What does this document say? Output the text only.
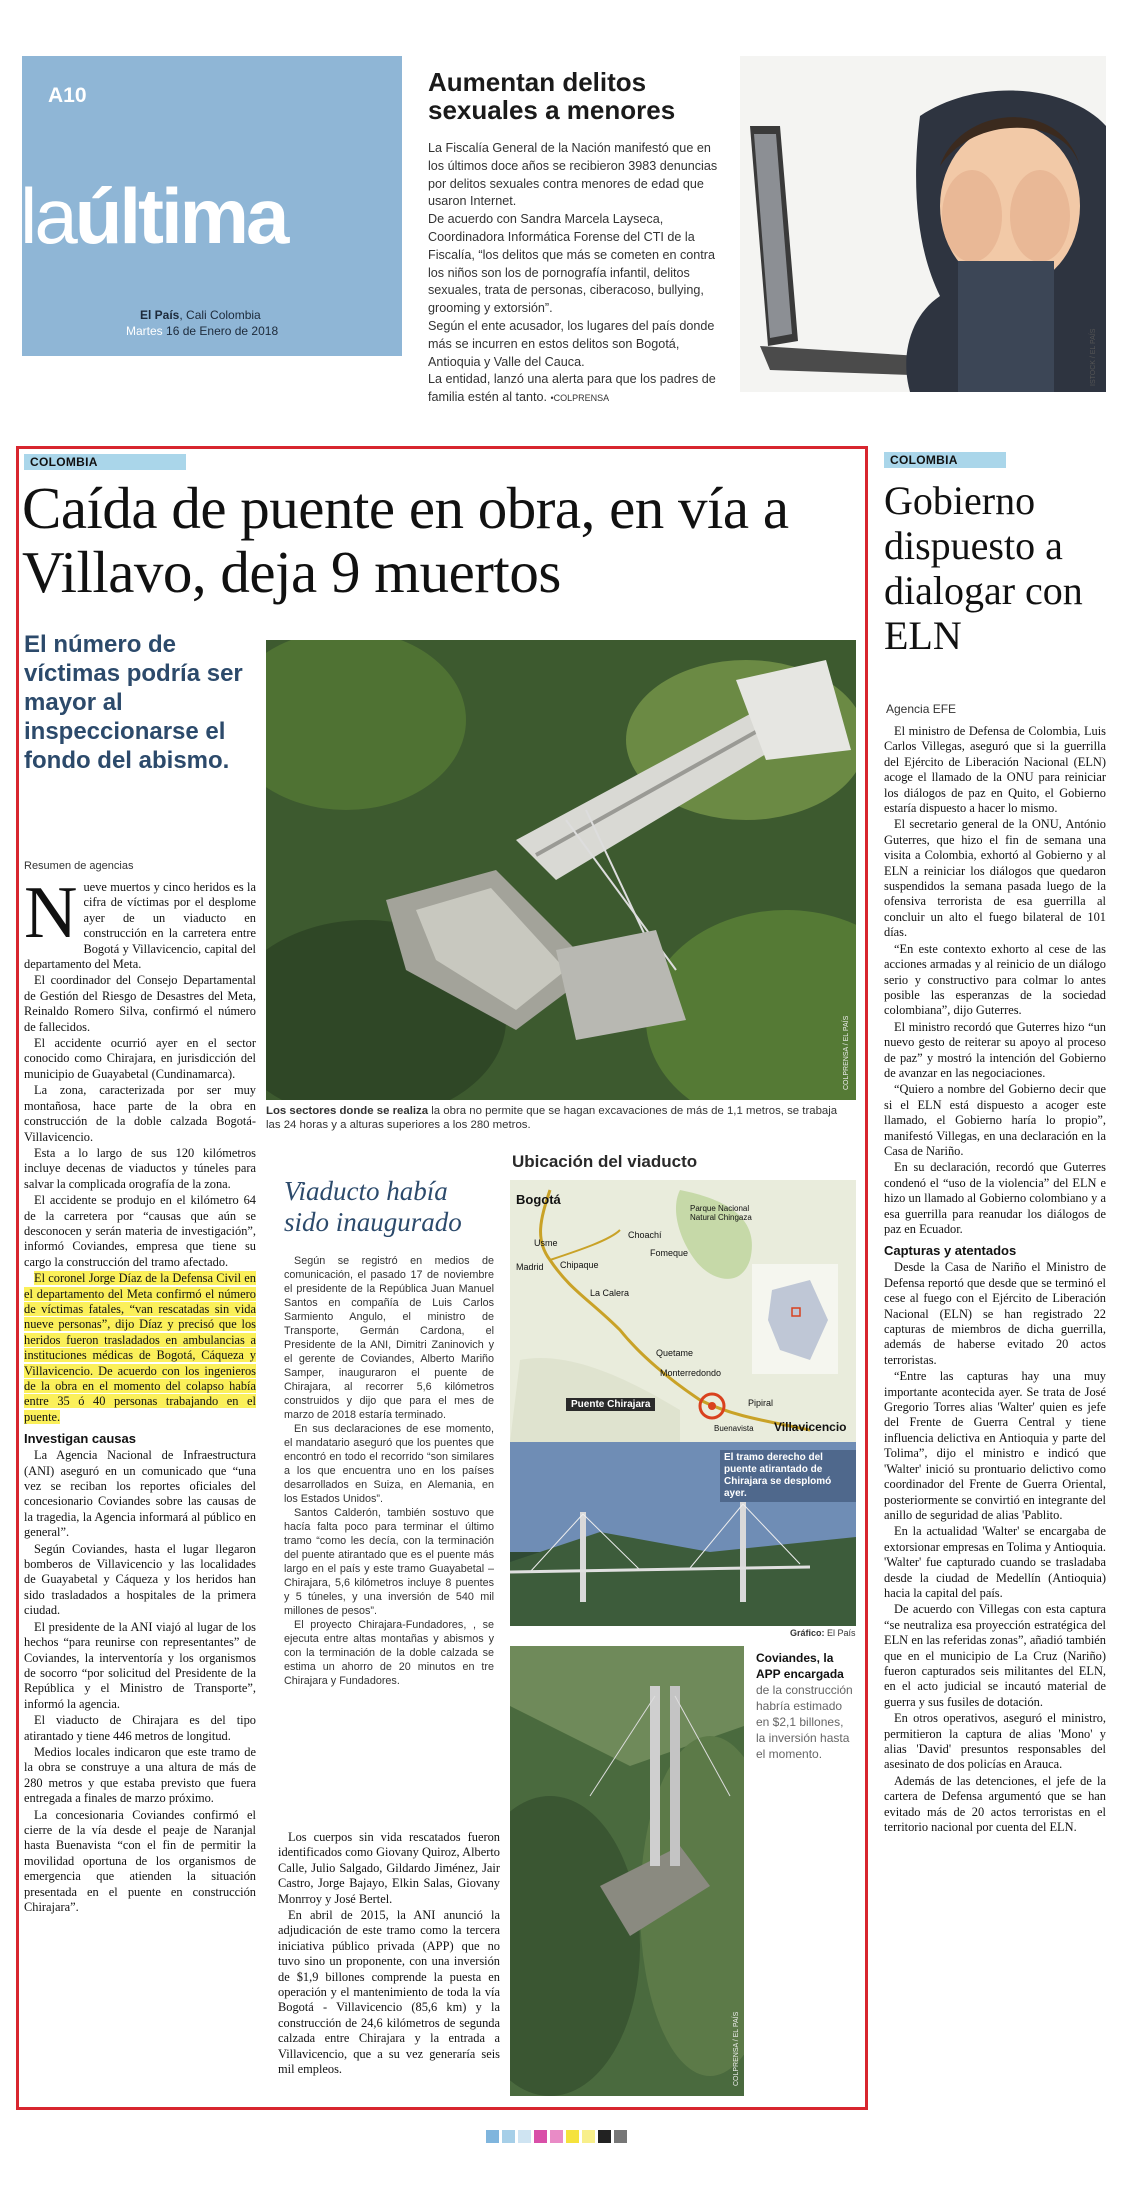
A10
laúltima
El País, Cali Colombia
Martes 16 de Enero de 2018
Aumentan delitos sexuales a menores

La Fiscalía General de la Nación manifestó que en los últimos doce años se recibieron 3983 denuncias por delitos sexuales contra menores de edad que usaron Internet.

De acuerdo con Sandra Marcela Layseca, Coordinadora Informática Forense del CTI de la Fiscalía, “los delitos que más se cometen en contra los niños son los de pornografía infantil, delitos sexuales, trata de personas, ciberacoso, bullying, grooming y extorsión”.

Según el ente acusador, los lugares del país donde más se incurren en estos delitos son Bogotá, Antioquia y Valle del Cauca.

La entidad, lanzó una alerta para que los padres de familia estén al tanto. •COLPRENSA

ISTOCK / EL PAÍS
COLOMBIA
Caída de puente en obra, en vía a Villavo, deja 9 muertos
El número de víctimas podría ser mayor al inspeccionarse el fondo del abismo.
COLPRENSA / EL PAÍS
Los sectores donde se realiza la obra no permite que se hagan excavaciones de más de 1,1 metros, se trabaja las 24 horas y a alturas superiores a los 280 metros.
Resumen de agencias
N ueve muertos y cinco heridos es la cifra de víctimas por el desplome ayer de un viaducto en construcción en la carretera entre Bogotá y Villavicencio, capital del departamento del Meta.

El coordinador del Consejo Departamental de Gestión del Riesgo de Desastres del Meta, Reinaldo Romero Silva, confirmó el número de fallecidos.

El accidente ocurrió ayer en el sector conocido como Chirajara, en jurisdicción del municipio de Guayabetal (Cundinamarca).

La zona, caracterizada por ser muy montañosa, hace parte de la obra en construcción de la doble calzada Bogotá-Villavicencio.

Esta a lo largo de sus 120 kilómetros incluye decenas de viaductos y túneles para salvar la complicada orografía de la zona.

El accidente se produjo en el kilómetro 64 de la carretera por “causas que aún se desconocen y serán materia de investigación”, informó Coviandes, empresa que tiene su cargo la construcción del tramo afectado.

El coronel Jorge Díaz de la Defensa Civil en el departamento del Meta confirmó el número de víctimas fatales, “van rescatadas sin vida nueve personas”, dijo Díaz y precisó que los heridos fueron trasladados en ambulancias a instituciones médicas de Bogotá, Cáqueza y Villavicencio. De acuerdo con los ingenieros de la obra en el momento del colapso había entre 35 ó 40 personas trabajando en el puente.

Investigan causas

La Agencia Nacional de Infraestructura (ANI) aseguró en un comunicado que “una vez se reciban los reportes oficiales del concesionario Coviandes sobre las causas de la tragedia, la Agencia informará al público en general”.

Según Coviandes, hasta el lugar llegaron bomberos de Villavicencio y las localidades de Guayabetal y Cáqueza y los heridos han sido trasladados a hospitales de la primera ciudad.

El presidente de la ANI viajó al lugar de los hechos “para reunirse con representantes” de Coviandes, la interventoría y los organismos de socorro “por solicitud del Presidente de la República y el Ministro de Transporte”, informó la agencia.

El viaducto de Chirajara es del tipo atirantado y tiene 446 metros de longitud.

Medios locales indicaron que este tramo de la obra se construye a una altura de más de 280 metros y que estaba previsto que fuera entregada a finales de marzo próximo.

La concesionaria Coviandes confirmó el cierre de la vía desde el peaje de Naranjal hasta Buenavista “con el fin de permitir la movilidad oportuna de los organismos de emergencia que atienden la situación presentada en el puente en construcción Chirajara”.

Viaducto había sido inaugurado

Según se registró en medios de comunicación, el pasado 17 de noviembre el presidente de la República Juan Manuel Santos en compañía de Luis Carlos Sarmiento Angulo, el ministro de Transporte, Germán Cardona, el Presidente de la ANI, Dimitri Zaninovich y el gerente de Coviandes, Alberto Mariño Samper, inauguraron el puente de Chirajara, al recorrer 5,6 kilómetros construidos y dijo que para el mes de marzo de 2018 estaría terminado.

En sus declaraciones de ese momento, el mandatario aseguró que los puentes que encontró en todo el recorrido “son similares a los que encuentra uno en los países desarrollados en Suiza, en Alemania, en los Estados Unidos”.

Santos Calderón, también sostuvo que hacía falta poco para terminar el último tramo “como les decía, con la terminación del puente atirantado que es el puente más largo en el país y este tramo Guayabetal –Chirajara, 5,6 kilómetros incluye 8 puentes y 5 túneles, y una inversión de 540 mil millones de pesos”.

El proyecto Chirajara-Fundadores, , se ejecuta entre altas montañas y abismos y con la terminación de la doble calzada se estima un ahorro de 20 minutos en tre Chirajara y Fundadores.

Los cuerpos sin vida rescatados fueron identificados como Giovany Quiroz, Alberto Calle, Julio Salgado, Gildardo Jiménez, Jair Castro, Jorge Bajayo, Elkin Salas, Giovany Monrroy y José Bertel.

En abril de 2015, la ANI anunció la adjudicación de este tramo como la tercera iniciativa público privada (APP) que no tuvo sino un proponente, con una inversión de $1,9 billones comprende la puesta en operación y el mantenimiento de toda la vía Bogotá - Villavicencio (85,6 km) y la construcción de 24,6 kilómetros de segunda calzada entre Chirajara y la entrada a Villavicencio, que a su vez generaría seis mil empleos.

Ubicación del viaducto
Bogotá
Parque Nacional Natural Chingaza
Usme
Choachí
Fomeque
Madrid Chipaque
La Calera
Quetame
Monterredondo
Puente Chirajara	Pipiral
Buenavista Villavicencio
El tramo derecho del puente atirantado de Chirajara se desplomó ayer.
Gráfico: El País
COLPRENSA / EL PAÍS
Coviandes, la APP encargada de la construcción habría estimado en $2,1 billones, la inversión hasta el momento.
COLOMBIA
Gobierno dispuesto a dialogar con ELN
Agencia EFE

El ministro de Defensa de Colombia, Luis Carlos Villegas, aseguró que si la guerrilla del Ejército de Liberación Nacional (ELN) acoge el llamado de la ONU para reiniciar los diálogos de paz en Quito, el Gobierno estaría dispuesto a hacer lo mismo.

El secretario general de la ONU, António Guterres, que hizo el fin de semana una visita a Colombia, exhortó al Gobierno y al ELN a reiniciar los diálogos que quedaron suspendidos la semana pasada luego de la ofensiva terrorista de esa guerrilla al concluir un alto el fuego bilateral de 101 días.

“En este contexto exhorto al cese de las acciones armadas y al reinicio de un diálogo serio y constructivo para colmar lo antes posible las esperanzas de la sociedad colombiana”, dijo Guterres.

El ministro recordó que Guterres hizo “un nuevo gesto de reiterar su apoyo al proceso de paz” y mostró la intención del Gobierno de avanzar en las negociaciones.

“Quiero a nombre del Gobierno decir que si el ELN está dispuesto a acoger este llamado, el Gobierno haría lo propio”, manifestó Villegas, en una declaración en la Casa de Nariño.

En su declaración, recordó que Guterres condenó el “uso de la violencia” del ELN e hizo un llamado al Gobierno colombiano y a esa guerrilla para reanudar los diálogos de paz en Ecuador.

Capturas y atentados

Desde la Casa de Nariño el Ministro de Defensa reportó que desde que se terminó el cese al fuego con el Ejército de Liberación Nacional (ELN) se han registrado 22 capturas de miembros de dicha guerrilla, además de haberse evitado 20 actos terroristas.

“Entre las capturas hay una muy importante acontecida ayer. Se trata de José Gregorio Torres alias 'Walter' quien es jefe del Frente de Guerra Central y tiene influencia delictiva en Antioquia y parte del Tolima”, dijo el ministro e indicó que 'Walter' inició su prontuario delictivo como coordinador del Frente de Guerra Oriental, posteriormente se convirtió en integrante del anillo de seguridad de alias 'Pablito.

En la actualidad 'Walter' se encargaba de extorsionar empresas en Tolima y Antioquia. 'Walter' fue capturado cuando se trasladaba desde la ciudad de Medellín (Antioquia) hacia la capital del país.

De acuerdo con Villegas con esta captura “se neutraliza esa proyección estratégica del ELN en las referidas zonas”, añadió también que en el municipio de La Cruz (Nariño) fueron capturados seis militantes del ELN, en el acto judicial se incautó material de guerra y sus fusiles de dotación.

En otros operativos, aseguró el ministro, permitieron la captura de alias 'Mono' y alias 'David' presuntos responsables del asesinato de dos policías en Arauca.

Además de las detenciones, el jefe de la cartera de Defensa argumentó que se han evitado más de 20 actos terroristas en el territorio nacional por cuenta del ELN.
